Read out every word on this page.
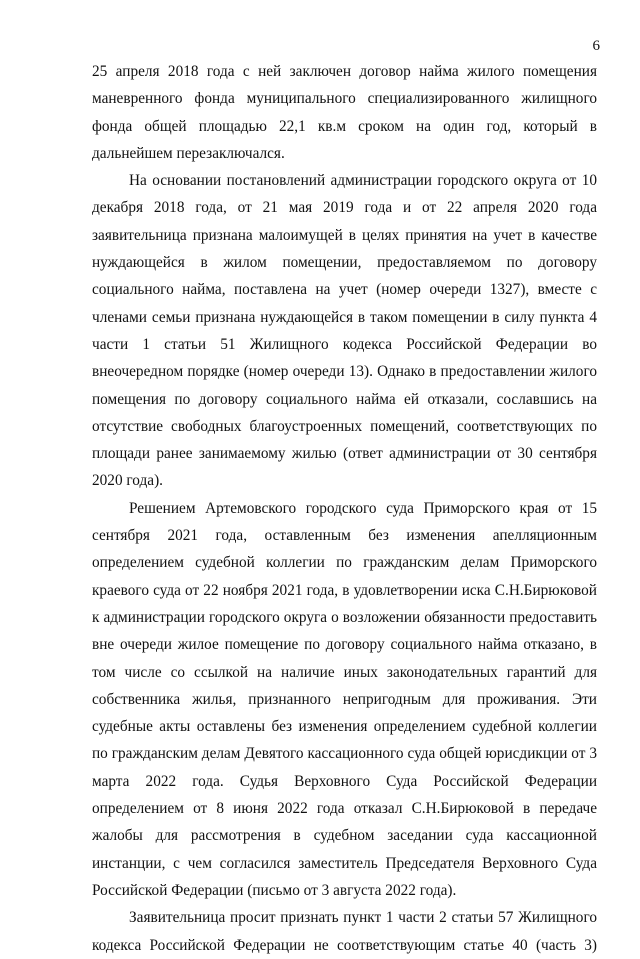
6

25 апреля 2018 года с ней заключен договор найма жилого помещения маневренного фонда муниципального специализированного жилищного фонда общей площадью 22,1 кв.м сроком на один год, который в дальнейшем перезаключался.

На основании постановлений администрации городского округа от 10 декабря 2018 года, от 21 мая 2019 года и от 22 апреля 2020 года заявительница признана малоимущей в целях принятия на учет в качестве нуждающейся в жилом помещении, предоставляемом по договору социального найма, поставлена на учет (номер очереди 1327), вместе с членами семьи признана нуждающейся в таком помещении в силу пункта 4 части 1 статьи 51 Жилищного кодекса Российской Федерации во внеочередном порядке (номер очереди 13). Однако в предоставлении жилого помещения по договору социального найма ей отказали, сославшись на отсутствие свободных благоустроенных помещений, соответствующих по площади ранее занимаемому жилью (ответ администрации от 30 сентября 2020 года).

Решением Артемовского городского суда Приморского края от 15 сентября 2021 года, оставленным без изменения апелляционным определением судебной коллегии по гражданским делам Приморского краевого суда от 22 ноября 2021 года, в удовлетворении иска С.Н.Бирюковой к администрации городского округа о возложении обязанности предоставить вне очереди жилое помещение по договору социального найма отказано, в том числе со ссылкой на наличие иных законодательных гарантий для собственника жилья, признанного непригодным для проживания. Эти судебные акты оставлены без изменения определением судебной коллегии по гражданским делам Девятого кассационного суда общей юрисдикции от 3 марта 2022 года. Судья Верховного Суда Российской Федерации определением от 8 июня 2022 года отказал С.Н.Бирюковой в передаче жалобы для рассмотрения в судебном заседании суда кассационной инстанции, с чем согласился заместитель Председателя Верховного Суда Российской Федерации (письмо от 3 августа 2022 года).

Заявительница просит признать пункт 1 части 2 статьи 57 Жилищного кодекса Российской Федерации не соответствующим статье 40 (часть 3)
